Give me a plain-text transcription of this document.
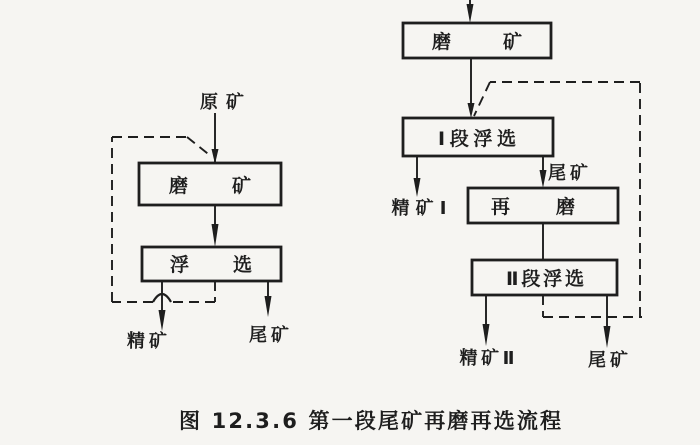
原矿
磨矿
浮选
精矿	尾矿
磨矿
Ⅰ段浮选
精矿Ⅰ
尾矿
再磨
Ⅱ段浮选
精矿Ⅱ	尾矿
图 12.3.6 第一段尾矿再磨再选流程
